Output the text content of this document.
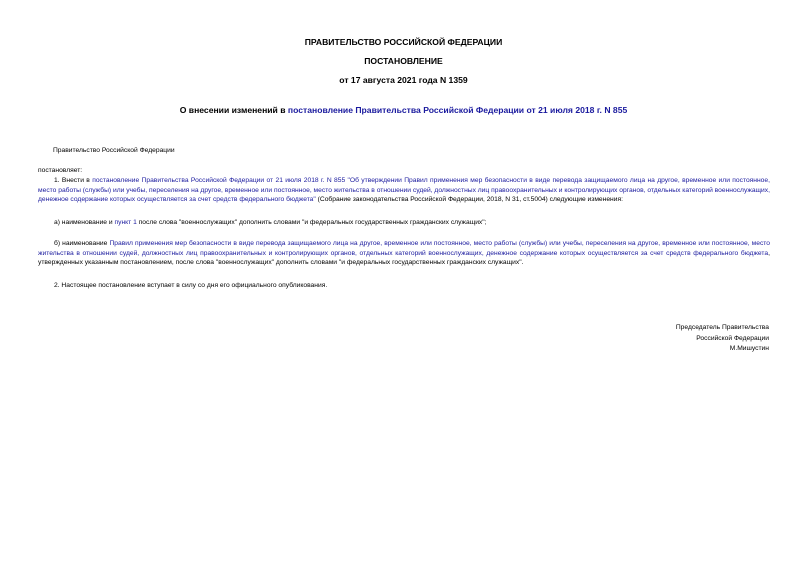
ПРАВИТЕЛЬСТВО РОССИЙСКОЙ ФЕДЕРАЦИИ
ПОСТАНОВЛЕНИЕ
от 17 августа 2021 года N 1359
О внесении изменений в постановление Правительства Российской Федерации от 21 июля 2018 г. N 855
Правительство Российской Федерации
постановляет:
1. Внести в постановление Правительства Российской Федерации от 21 июля 2018 г. N 855 "Об утверждении Правил применения мер безопасности в виде перевода защищаемого лица на другое, временное или постоянное, место работы (службы) или учебы, переселения на другое, временное или постоянное, место жительства в отношении судей, должностных лиц правоохранительных и контролирующих органов, отдельных категорий военнослужащих, денежное содержание которых осуществляется за счет средств федерального бюджета" (Собрание законодательства Российской Федерации, 2018, N 31, ст.5004) следующие изменения:
а) наименование и пункт 1 после слова "военнослужащих" дополнить словами "и федеральных государственных гражданских служащих";
б) наименование Правил применения мер безопасности в виде перевода защищаемого лица на другое, временное или постоянное, место работы (службы) или учебы, переселения на другое, временное или постоянное, место жительства в отношении судей, должностных лиц правоохранительных и контролирующих органов, отдельных категорий военнослужащих, денежное содержание которых осуществляется за счет средств федерального бюджета, утвержденных указанным постановлением, после слова "военнослужащих" дополнить словами "и федеральных государственных гражданских служащих".
2. Настоящее постановление вступает в силу со дня его официального опубликования.
Председатель Правительства
Российской Федерации
М.Мишустин
